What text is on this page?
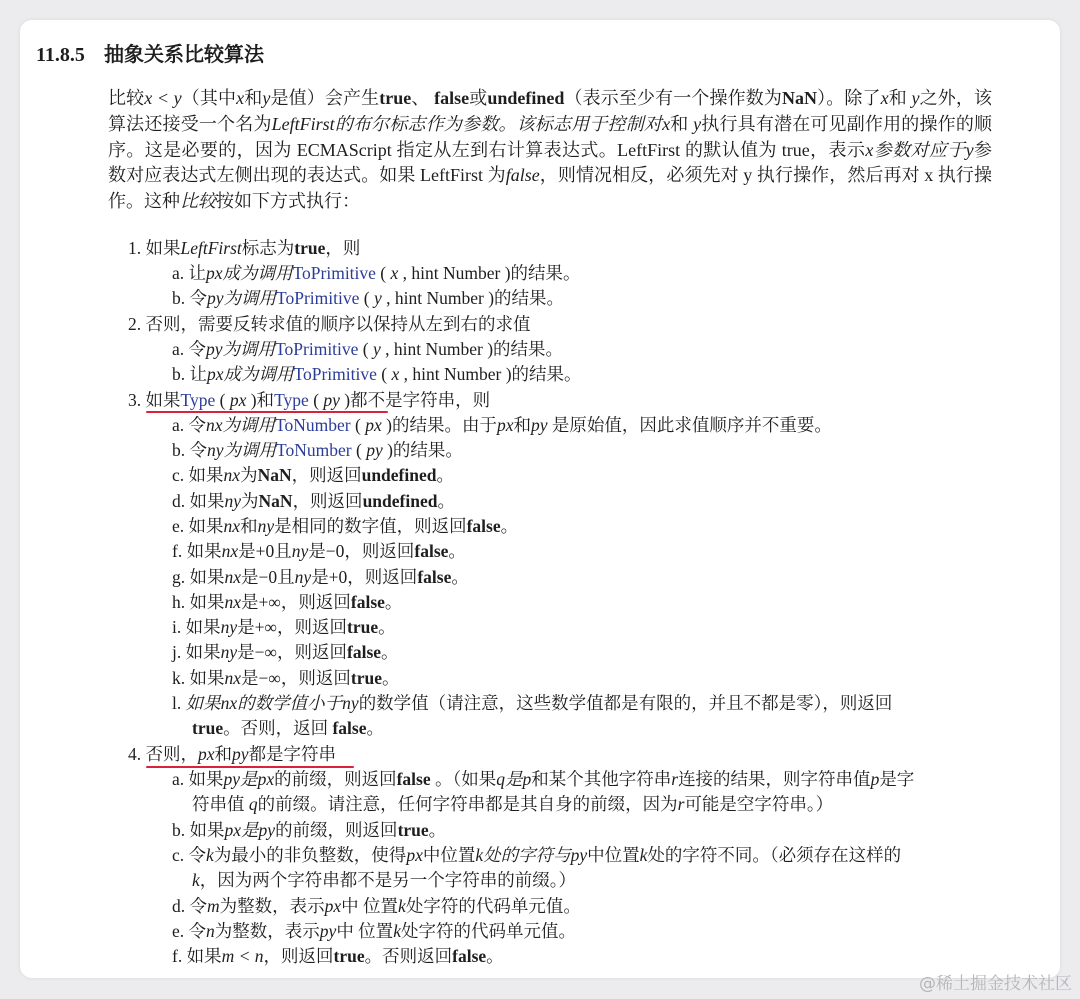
11.8.5 抽象关系比较算法
比较x < y（其中x和y是值）会产生true、 false或undefined（表示至少有一个操作数为NaN）。除了x和 y之外，该算法还接受一个名为LeftFirst的布尔标志作为参数。该标志用于控制对x和 y执行具有潜在可见副作用的操作的顺序。这是必要的，因为 ECMAScript 指定从左到右计算表达式。LeftFirst 的默认值为 true，表示x参数对应于y参数对应表达式左侧出现的表达式。如果 LeftFirst 为false，则情况相反，必须先对 y 执行操作，然后再对 x 执行操作。这种比较按如下方式执行：
1. 如果LeftFirst标志为true，则
a. 让px成为调用ToPrimitive ( x , hint Number )的结果。
b. 令py为调用ToPrimitive ( y , hint Number )的结果。
2. 否则，需要反转求值的顺序以保持从左到右的求值
a. 令py为调用ToPrimitive ( y , hint Number )的结果。
b. 让px成为调用ToPrimitive ( x , hint Number )的结果。
3. 如果Type ( px )和Type ( py )都不是字符串，则
a. 令nx为调用ToNumber ( px )的结果。由于px和py 是原始值，因此求值顺序并不重要。
b. 令ny为调用ToNumber ( py )的结果。
c. 如果nx为NaN，则返回undefined。
d. 如果ny为NaN，则返回undefined。
e. 如果nx和ny是相同的数字值，则返回false。
f. 如果nx是+0且ny是−0，则返回false。
g. 如果nx是−0且ny是+0，则返回false。
h. 如果nx是+∞，则返回false。
i. 如果ny是+∞，则返回true。
j. 如果ny是−∞，则返回false。
k. 如果nx是−∞，则返回true。
l. 如果nx的数学值小于ny的数学值（请注意，这些数学值都是有限的，并且不都是零），则返回
true。否则，返回 false。
4. 否则，px和py都是字符串
a. 如果py是px的前缀，则返回false 。（如果q是p和某个其他字符串r连接的结果，则字符串值p是字
符串值 q的前缀。请注意，任何字符串都是其自身的前缀，因为r可能是空字符串。）
b. 如果px是py的前缀，则返回true。
c. 令k为最小的非负整数，使得px中位置k处的字符与py中位置k处的字符不同。（必须存在这样的
k，因为两个字符串都不是另一个字符串的前缀。）
d. 令m为整数，表示px中 位置k处字符的代码单元值。
e. 令n为整数，表示py中 位置k处字符的代码单元值。
f. 如果m < n，则返回true。否则返回false。
@稀土掘金技术社区
